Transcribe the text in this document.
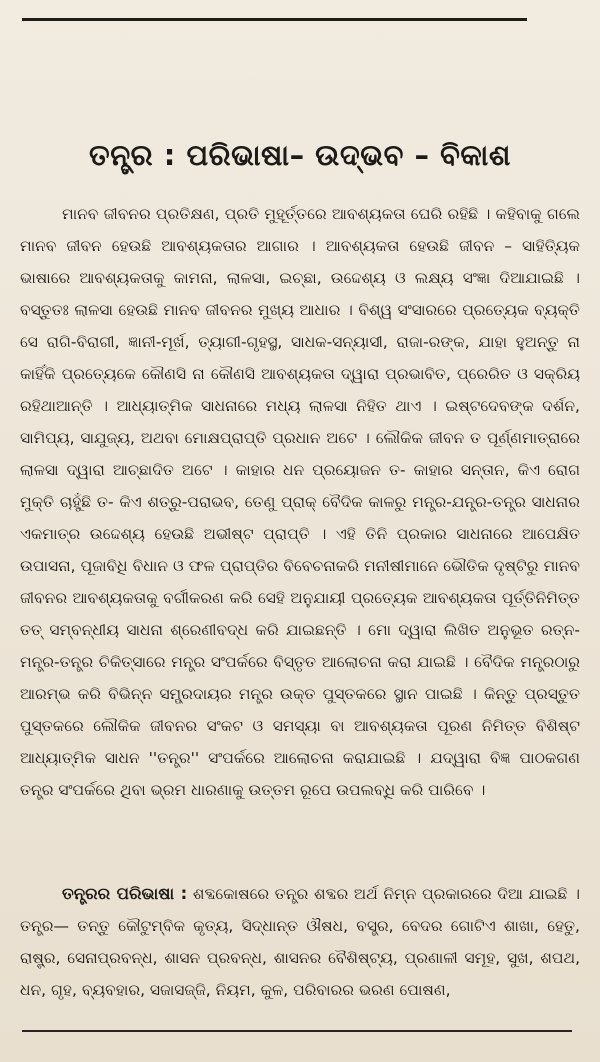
ତନ୍ତ୍ର : ପରିଭାଷା– ଉଦ୍ଭବ – ବିକାଶ

ମାନବ ଜୀବନର ପ୍ରତିକ୍ଷଣ, ପ୍ରତି ମୁହୂର୍ତ୍ତରେ ଆବଶ୍ୟକତା ଘେରି ରହିଛି । କହିବାକୁ ଗଲେ ମାନବ ଜୀବନ ହେଉଛି ଆବଶ୍ୟକତାର ଆଗାର । ଆବଶ୍ୟକତା ହେଉଛି ଜୀବନ – ସାହିତ୍ୟିକ ଭାଷାରେ ଆବଶ୍ୟକତାକୁ କାମନା, ଲାଳସା, ଇଚ୍ଛା, ଉଦ୍ଦେଶ୍ୟ ଓ ଲକ୍ଷ୍ୟ ସଂଜ୍ଞା ଦିଆଯାଇଛି । ବସ୍ତୁତଃ ଲାଳସା ହେଉଛି ମାନବ ଜୀବନର ମୁଖ୍ୟ ଆଧାର । ବିଶ୍ୱ ସଂସାରରେ ପ୍ରତ୍ୟେକ ବ୍ୟକ୍ତି ସେ ରାଗି-ବିରାଗୀ, ଜ୍ଞାନୀ-ମୂର୍ଖ, ତ୍ୟାଗୀ-ଗୃହସ୍ଥ, ସାଧକ-ସନ୍ୟାସୀ, ରାଜା-ରଙ୍କ, ଯାହା ହୁଅନ୍ତୁ ନା କାହିଁକି ପ୍ରତ୍ୟେକେ କୌଣସି ନା କୌଣସି ଆବଶ୍ୟକତା ଦ୍ୱାରା ପ୍ରଭାବିତ, ପ୍ରେରିତ ଓ ସକ୍ରିୟ ରହିଥାଆନ୍ତି । ଆଧ୍ୟାତ୍ମିକ ସାଧନାରେ ମଧ୍ୟ ଲାଳସା ନିହିତ ଥାଏ । ଇଷ୍ଟଦେବଙ୍କ ଦର୍ଶନ, ସାମିପ୍ୟ, ସାଯୁଜ୍ୟ, ଅଥବା ମୋକ୍ଷପ୍ରାପ୍ତି ପ୍ରଧାନ ଅଟେ । ଲୌକିକ ଜୀବନ ତ ପୂର୍ଣ୍ଣମାତ୍ରାରେ ଲାଳସା ଦ୍ୱାରା ଆଚ୍ଛାଦିତ ଅଟେ । କାହାର ଧନ ପ୍ରୟୋଜନ ତ- କାହାର ସନ୍ତାନ, କିଏ ରୋଗ ମୁକ୍ତି ଚାହୁଁଛି ତ- କିଏ ଶତ୍ରୁ-ପରାଭବ, ତେଣୁ ପ୍ରାକ୍ ବୈଦିକ କାଳରୁ ମନ୍ତ୍ର-ଯନ୍ତ୍ର-ତନ୍ତ୍ର ସାଧନାର ଏକମାତ୍ର ଉଦ୍ଦେଶ୍ୟ ହେଉଛି ଅଭୀଷ୍ଟ ପ୍ରାପ୍ତି । ଏହି ତିନି ପ୍ରକାର ସାଧନାରେ ଆପେକ୍ଷିତ ଉପାସନା, ପୂଜାବିଧି ବିଧାନ ଓ ଫଳ ପ୍ରାପ୍ତିର ବିବେଚନାକରି ମନୀଷୀମାନେ ଭୌତିକ ଦୃଷ୍ଟିରୁ ମାନବ ଜୀବନର ଆବଶ୍ୟକତାକୁ ବର୍ଗୀକରଣ କରି ସେହି ଅନୁଯାୟୀ ପ୍ରତ୍ୟେକ ଆବଶ୍ୟକତା ପୂର୍ତ୍ତିନିମିତ୍ତ ତତ୍ ସମ୍ବନ୍ଧୀୟ ସାଧନା ଶ୍ରେଣୀବଦ୍ଧ କରି ଯାଇଛନ୍ତି । ମୋ ଦ୍ୱାରା ଲିଖିତ ଅନୁଭୂତ ରତ୍ନ-ମନ୍ତ୍ର-ତନ୍ତ୍ର ଚିକିତ୍ସାରେ ମନ୍ତ୍ର ସଂପର୍କରେ ବିସ୍ତୃତ ଆଲୋଚନା କରା ଯାଇଛି । ବୈଦିକ ମନ୍ତ୍ରଠାରୁ ଆରମ୍ଭ କରି ବିଭିନ୍ନ ସମ୍ପ୍ରଦାୟର ମନ୍ତ୍ର ଉକ୍ତ ପୁସ୍ତକରେ ସ୍ଥାନ ପାଇଛି । କିନ୍ତୁ ପ୍ରସ୍ତୁତ ପୁସ୍ତକରେ ଲୌକିକ ଜୀବନର ସଂକଟ ଓ ସମସ୍ୟା ବା ଆବଶ୍ୟକତା ପୂରଣ ନିମିତ୍ତ ବିଶିଷ୍ଟ ଆଧ୍ୟାତ୍ମିକ ସାଧନ ''ତନ୍ତ୍ର'' ସଂପର୍କରେ ଆଲୋଚନା କରାଯାଇଛି । ଯଦ୍ୱାରା ବିଜ୍ଞ ପାଠକଗଣ ତନ୍ତ୍ର ସଂପର୍କରେ ଥିବା ଭ୍ରମ ଧାରଣାକୁ ଉତ୍ତମ ରୂପେ ଉପଲବ୍ଧି କରି ପାରିବେ ।

ତନ୍ତ୍ରର ପରିଭାଷା : ଶବ୍ଦକୋଷରେ ତନ୍ତ୍ର ଶବ୍ଦର ଅର୍ଥ ନିମ୍ନ ପ୍ରକାରରେ ଦିଆ ଯାଇଛି । ତନ୍ତ୍ର— ତନ୍ତୁ କୌଟୁମ୍ବିକ କୃତ୍ୟ, ସିଦ୍ଧାନ୍ତ ଔଷଧ, ବସ୍ତ୍ର, ବେଦର ଗୋଟିଏ ଶାଖା, ହେତୁ, ରାଷ୍ଟ୍ର, ସେନାପ୍ରବନ୍ଧ, ଶାସନ ପ୍ରବନ୍ଧ, ଶାସନର ବୈଶିଷ୍ଟ୍ୟ, ପ୍ରଣାଳୀ ସମୂହ, ସୁଖ, ଶପଥ, ଧନ, ଗୃହ, ବ୍ୟବହାର, ସଜାସଜ୍ଜି, ନିୟମ, କୁଳ, ପରିବାରର ଭରଣ ପୋଷଣ,
